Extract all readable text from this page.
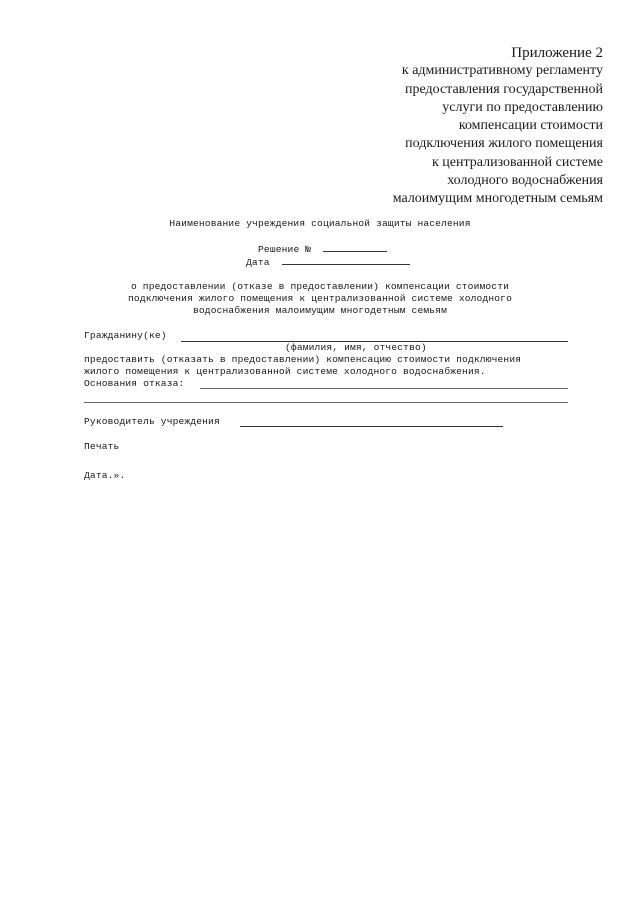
Приложение 2
к административному регламенту
предоставления государственной
услуги по предоставлению
компенсации стоимости
подключения жилого помещения
к централизованной системе
холодного водоснабжения
малоимущим многодетным семьям
Наименование учреждения социальной защиты населения
Решение №
Дата
о предоставлении (отказе в предоставлении) компенсации стоимости
подключения жилого помещения к централизованной системе холодного
водоснабжения малоимущим многодетным семьям
Гражданину(ке)
(фамилия, имя, отчество)
предоставить (отказать в предоставлении) компенсацию стоимости подключения
жилого помещения к централизованной системе холодного водоснабжения.
Основания отказа:
Руководитель учреждения
Печать
Дата.».
